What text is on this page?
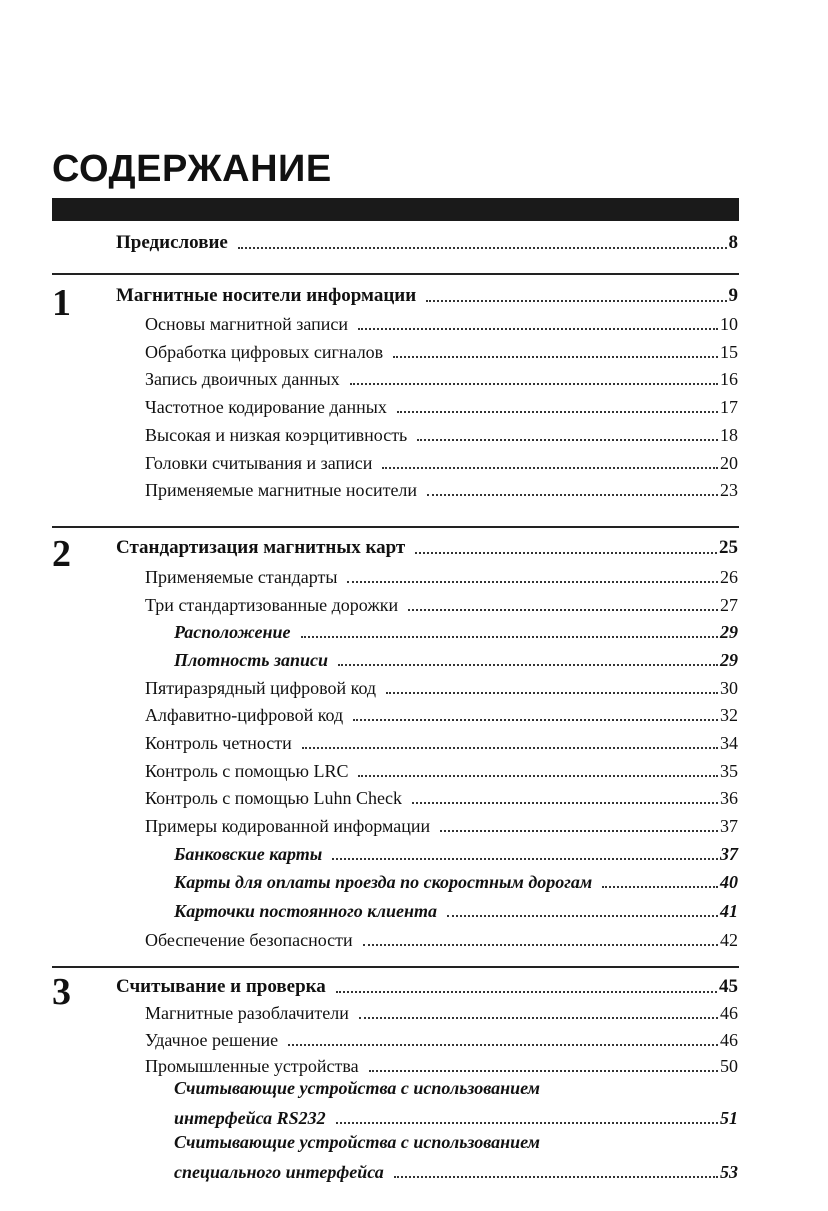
СОДЕРЖАНИЕ
Предисловие	8
1 Магнитные носители информации	9
Основы магнитной записи	10
Обработка цифровых сигналов	15
Запись двоичных данных	16
Частотное кодирование данных	17
Высокая и низкая коэрцитивность	18
Головки считывания и записи	20
Применяемые магнитные носители	23
2 Стандартизация магнитных карт	25
Применяемые стандарты	26
Три стандартизованные дорожки	27
Расположение	29
Плотность записи	29
Пятиразрядный цифровой код	30
Алфавитно-цифровой код	32
Контроль четности	34
Контроль с помощью LRC	35
Контроль с помощью Luhn Check	36
Примеры кодированной информации	37
Банковские карты	37
Карты для оплаты проезда по скоростным дорогам	40
Карточки постоянного клиента	41
Обеспечение безопасности	42
3 Считывание и проверка	45
Магнитные разоблачители	46
Удачное решение	46
Промышленные устройства	50
Считывающие устройства с использованием
интерфейса RS232	51
Считывающие устройства с использованием
специального интерфейса	53
